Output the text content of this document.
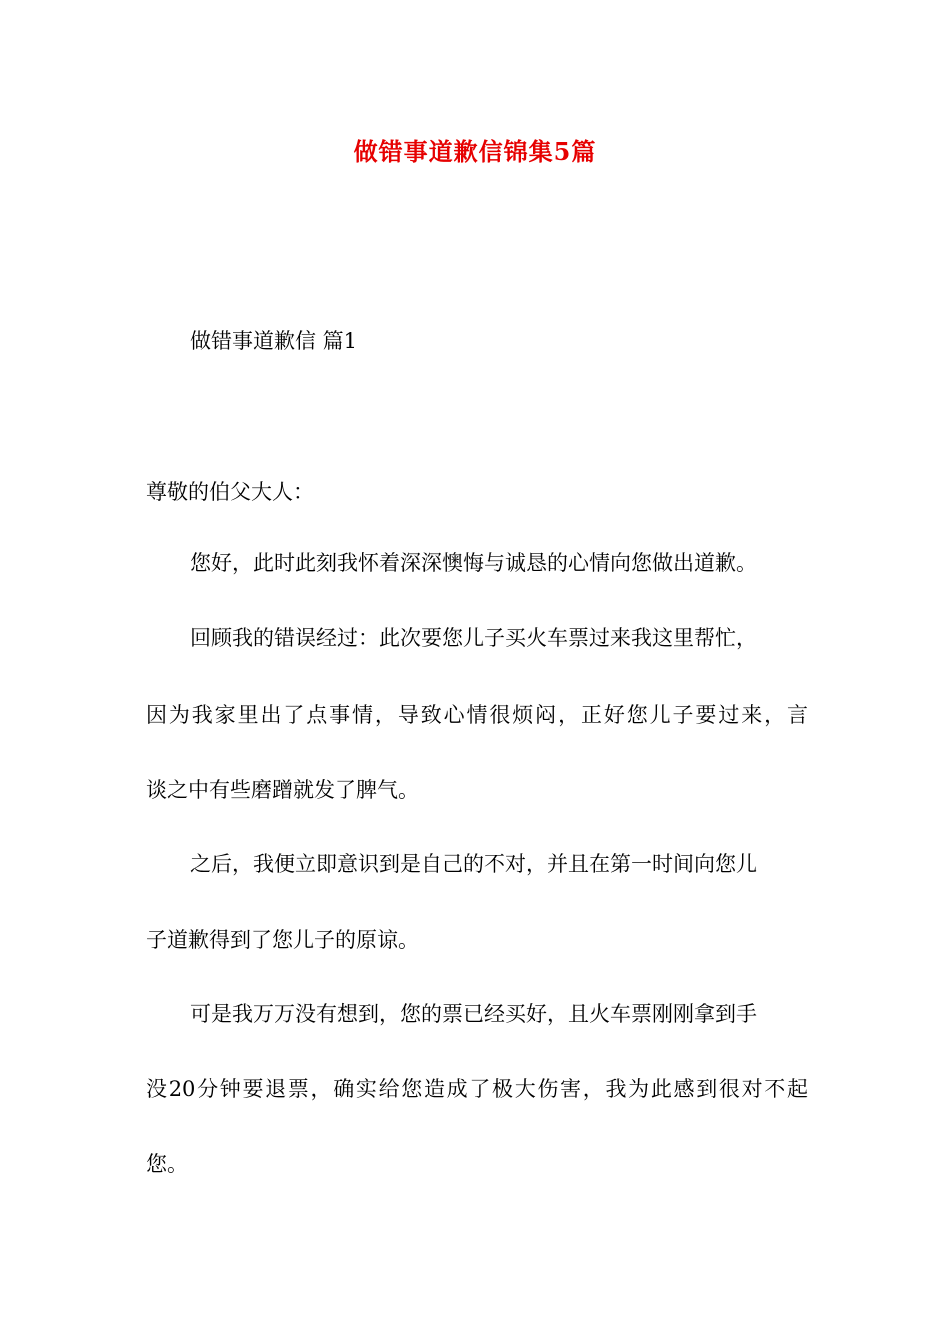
做错事道歉信锦集5篇
做错事道歉信 篇1
尊敬的伯父大人：
您好，此时此刻我怀着深深懊悔与诚恳的心情向您做出道歉。
回顾我的错误经过：此次要您儿子买火车票过来我这里帮忙，
因为我家里出了点事情，导致心情很烦闷，正好您儿子要过来，言
谈之中有些磨蹭就发了脾气。
之后，我便立即意识到是自己的不对，并且在第一时间向您儿
子道歉得到了您儿子的原谅。
可是我万万没有想到，您的票已经买好，且火车票刚刚拿到手
没20分钟要退票，确实给您造成了极大伤害，我为此感到很对不起
您。
